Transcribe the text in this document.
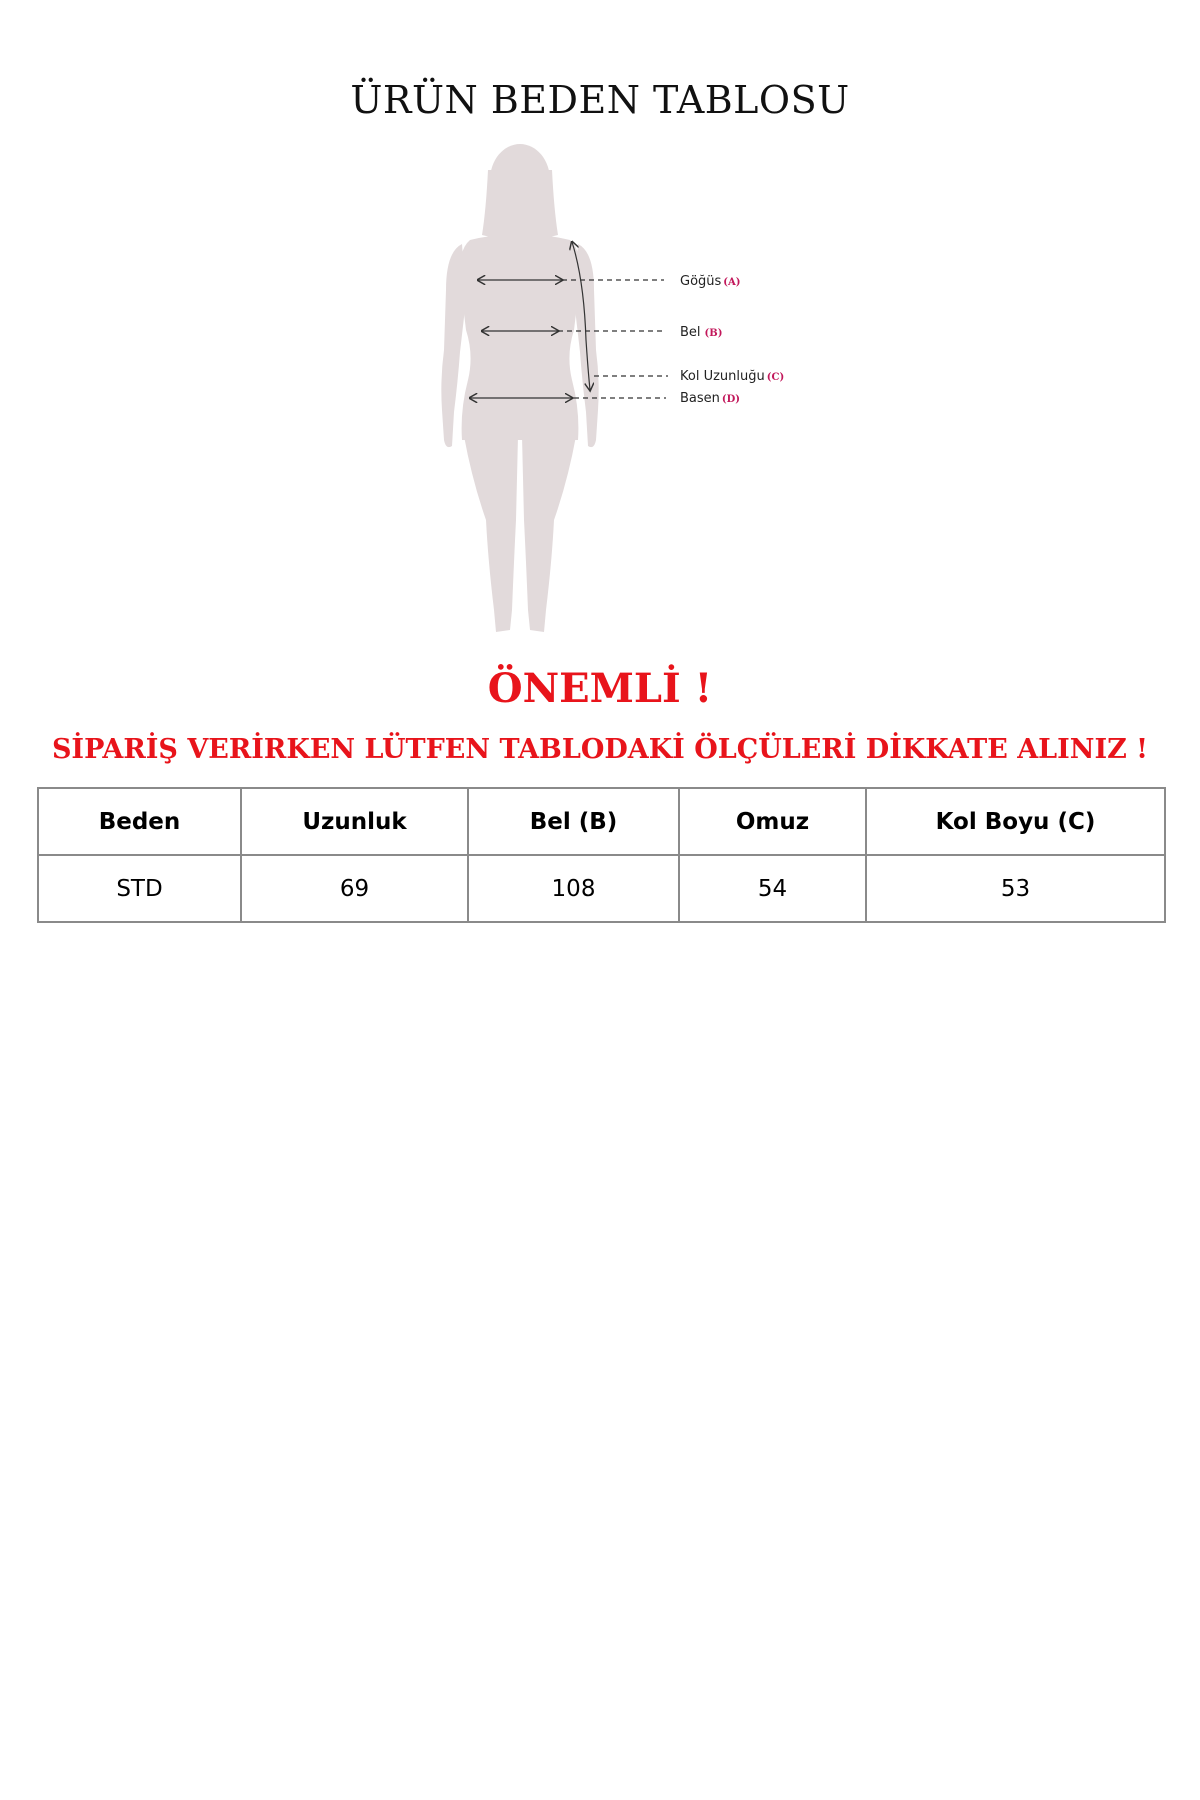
ÜRÜN BEDEN TABLOSU
Göğüs (A)
Bel (B)
Kol Uzunluğu (C)
Basen (D)
ÖNEMLİ !
SİPARİŞ VERİRKEN LÜTFEN TABLODAKİ ÖLÇÜLERİ DİKKATE ALINIZ !
Beden	Uzunluk	Bel (B)	Omuz	Kol Boyu (C)
STD	69	108	54	53
